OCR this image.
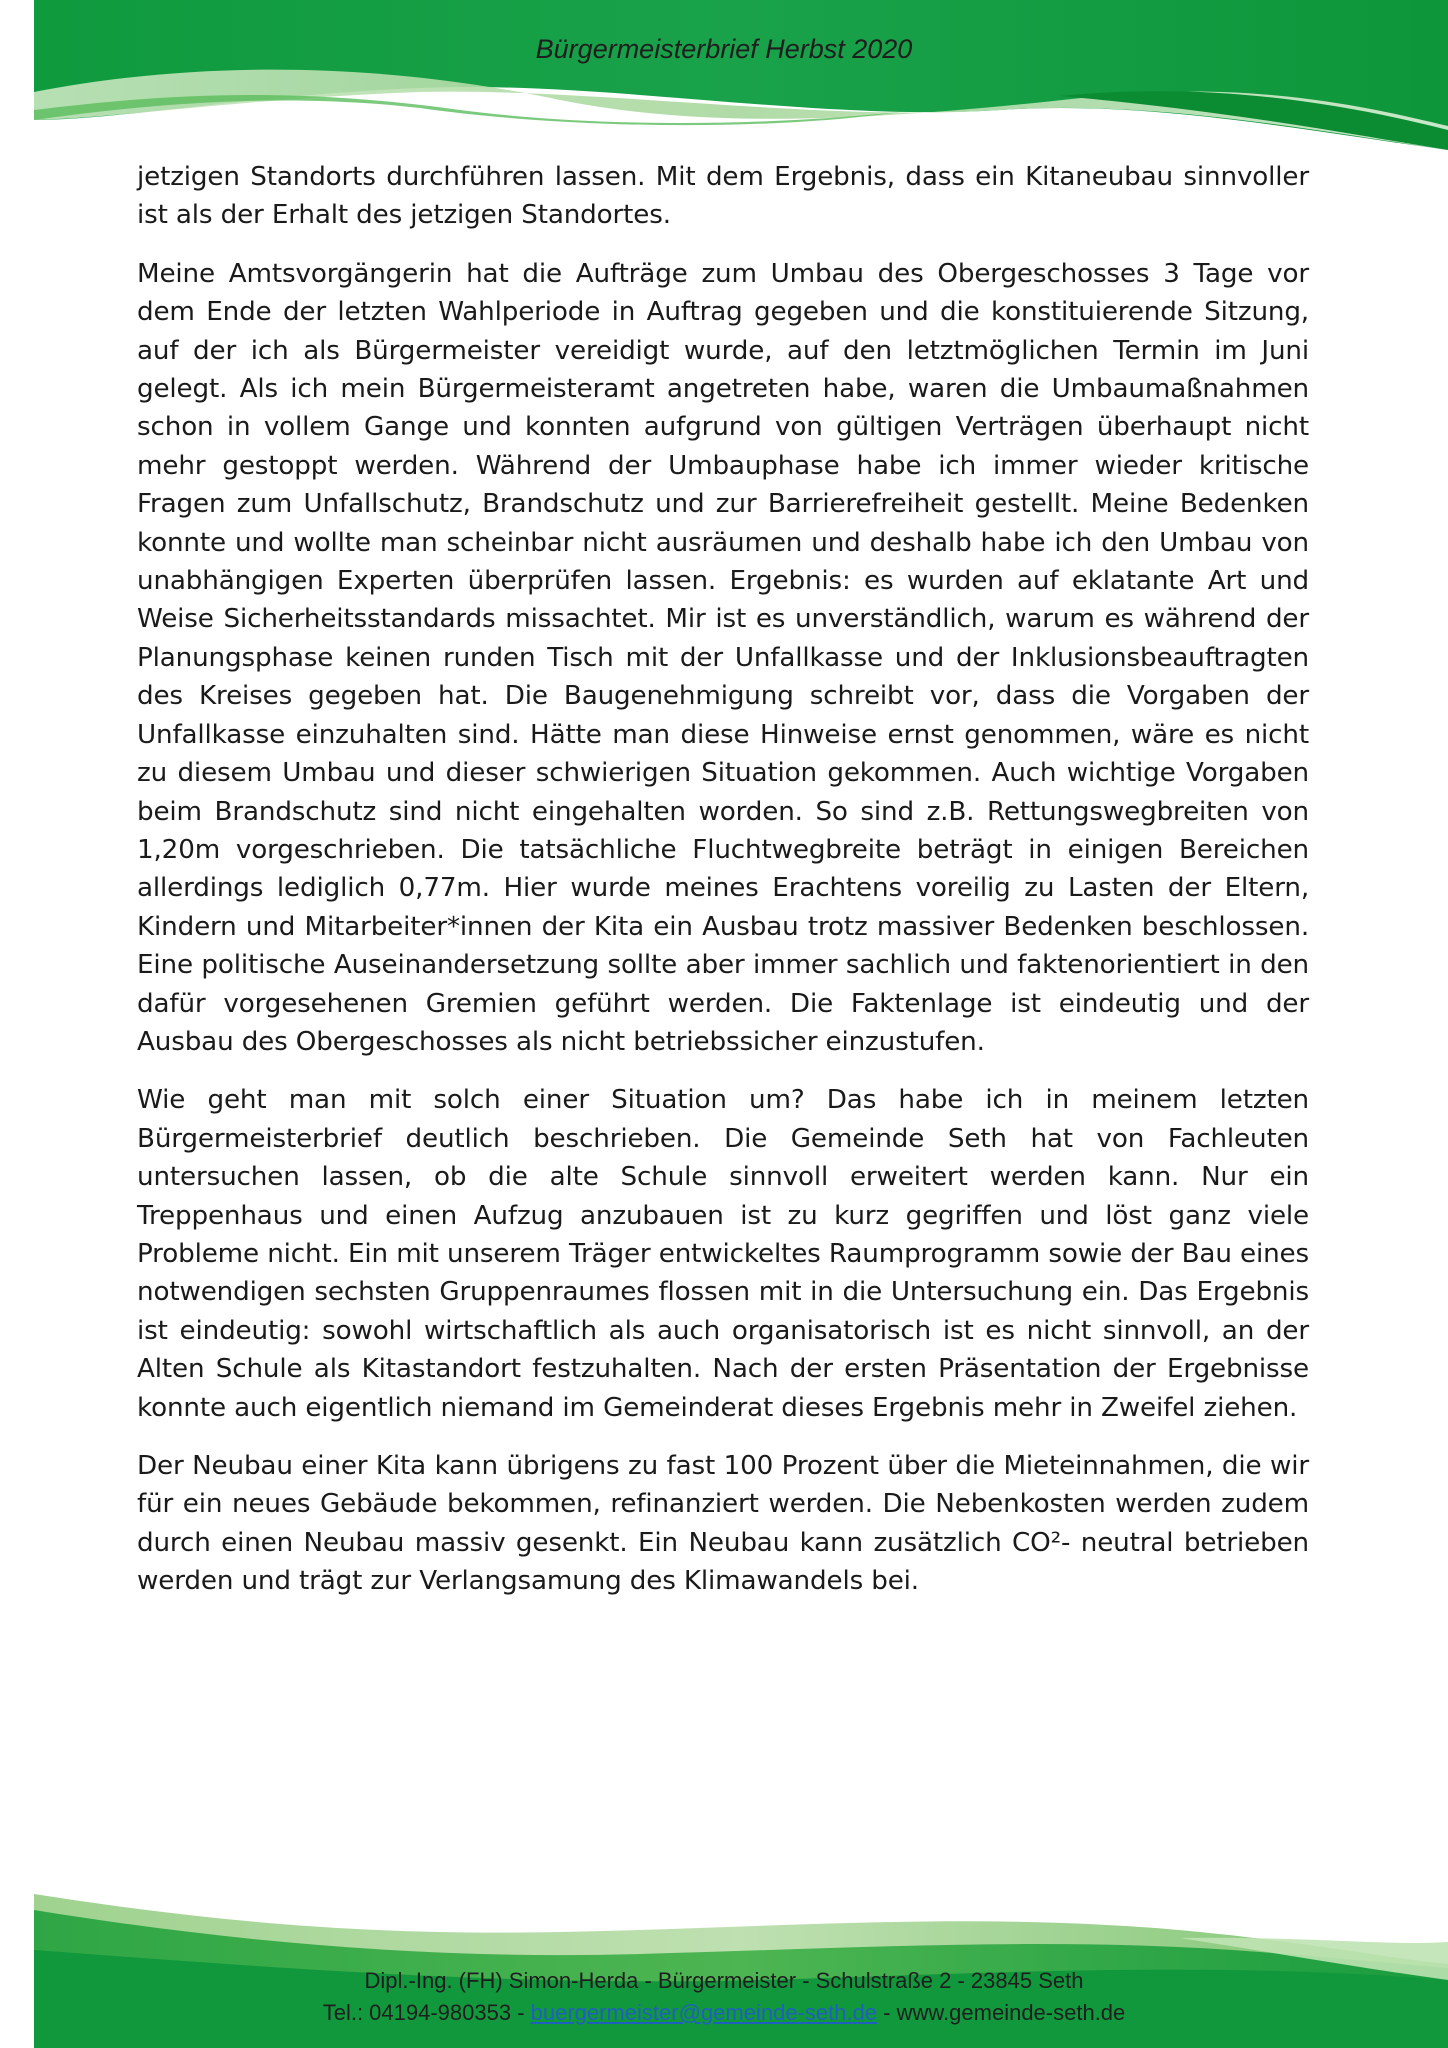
Bürgermeisterbrief Herbst 2020

jetzigen Standorts durchführen lassen. Mit dem Ergebnis, dass ein Kitaneubau sinnvoller ist als der Erhalt des jetzigen Standortes.

Meine Amtsvorgängerin hat die Aufträge zum Umbau des Obergeschosses 3 Tage vor dem Ende der letzten Wahlperiode in Auftrag gegeben und die konstituierende Sitzung, auf der ich als Bürgermeister vereidigt wurde, auf den letztmöglichen Termin im Juni gelegt. Als ich mein Bürgermeisteramt angetreten habe, waren die Umbaumaßnahmen schon in vollem Gange und konnten aufgrund von gültigen Verträgen überhaupt nicht mehr gestoppt werden. Während der Umbauphase habe ich immer wieder kritische Fragen zum Unfallschutz, Brandschutz und zur Barrierefreiheit gestellt. Meine Bedenken konnte und wollte man scheinbar nicht ausräumen und deshalb habe ich den Umbau von unabhängigen Experten überprüfen lassen. Ergebnis: es wurden auf eklatante Art und Weise Sicherheitsstandards missachtet. Mir ist es unverständlich, warum es während der Planungsphase keinen runden Tisch mit der Unfallkasse und der Inklusionsbeauftragten des Kreises gegeben hat. Die Baugenehmigung schreibt vor, dass die Vorgaben der Unfallkasse einzuhalten sind. Hätte man diese Hinweise ernst genommen, wäre es nicht zu diesem Umbau und dieser schwierigen Situation gekommen. Auch wichtige Vorgaben beim Brandschutz sind nicht eingehalten worden. So sind z.B. Rettungswegbreiten von 1,20m vorgeschrieben. Die tatsächliche Fluchtwegbreite beträgt in einigen Bereichen allerdings lediglich 0,77m. Hier wurde meines Erachtens voreilig zu Lasten der Eltern, Kindern und Mitarbeiter*innen der Kita ein Ausbau trotz massiver Bedenken beschlossen. Eine politische Auseinandersetzung sollte aber immer sachlich und faktenorientiert in den dafür vorgesehenen Gremien geführt werden. Die Faktenlage ist eindeutig und der Ausbau des Obergeschosses als nicht betriebssicher einzustufen.

Wie geht man mit solch einer Situation um? Das habe ich in meinem letzten Bürgermeisterbrief deutlich beschrieben. Die Gemeinde Seth hat von Fachleuten untersuchen lassen, ob die alte Schule sinnvoll erweitert werden kann. Nur ein Treppenhaus und einen Aufzug anzubauen ist zu kurz gegriffen und löst ganz viele Probleme nicht. Ein mit unserem Träger entwickeltes Raumprogramm sowie der Bau eines notwendigen sechsten Gruppenraumes flossen mit in die Untersuchung ein. Das Ergebnis ist eindeutig: sowohl wirtschaftlich als auch organisatorisch ist es nicht sinnvoll, an der Alten Schule als Kitastandort festzuhalten. Nach der ersten Präsentation der Ergebnisse konnte auch eigentlich niemand im Gemeinderat dieses Ergebnis mehr in Zweifel ziehen.

Der Neubau einer Kita kann übrigens zu fast 100 Prozent über die Mieteinnahmen, die wir für ein neues Gebäude bekommen, refinanziert werden. Die Nebenkosten werden zudem durch einen Neubau massiv gesenkt. Ein Neubau kann zusätzlich CO²- neutral betrieben werden und trägt zur Verlangsamung des Klimawandels bei.

Dipl.-Ing. (FH) Simon-Herda - Bürgermeister - Schulstraße 2 - 23845 Seth
Tel.: 04194-980353 - buergermeister@gemeinde-seth.de - www.gemeinde-seth.de
